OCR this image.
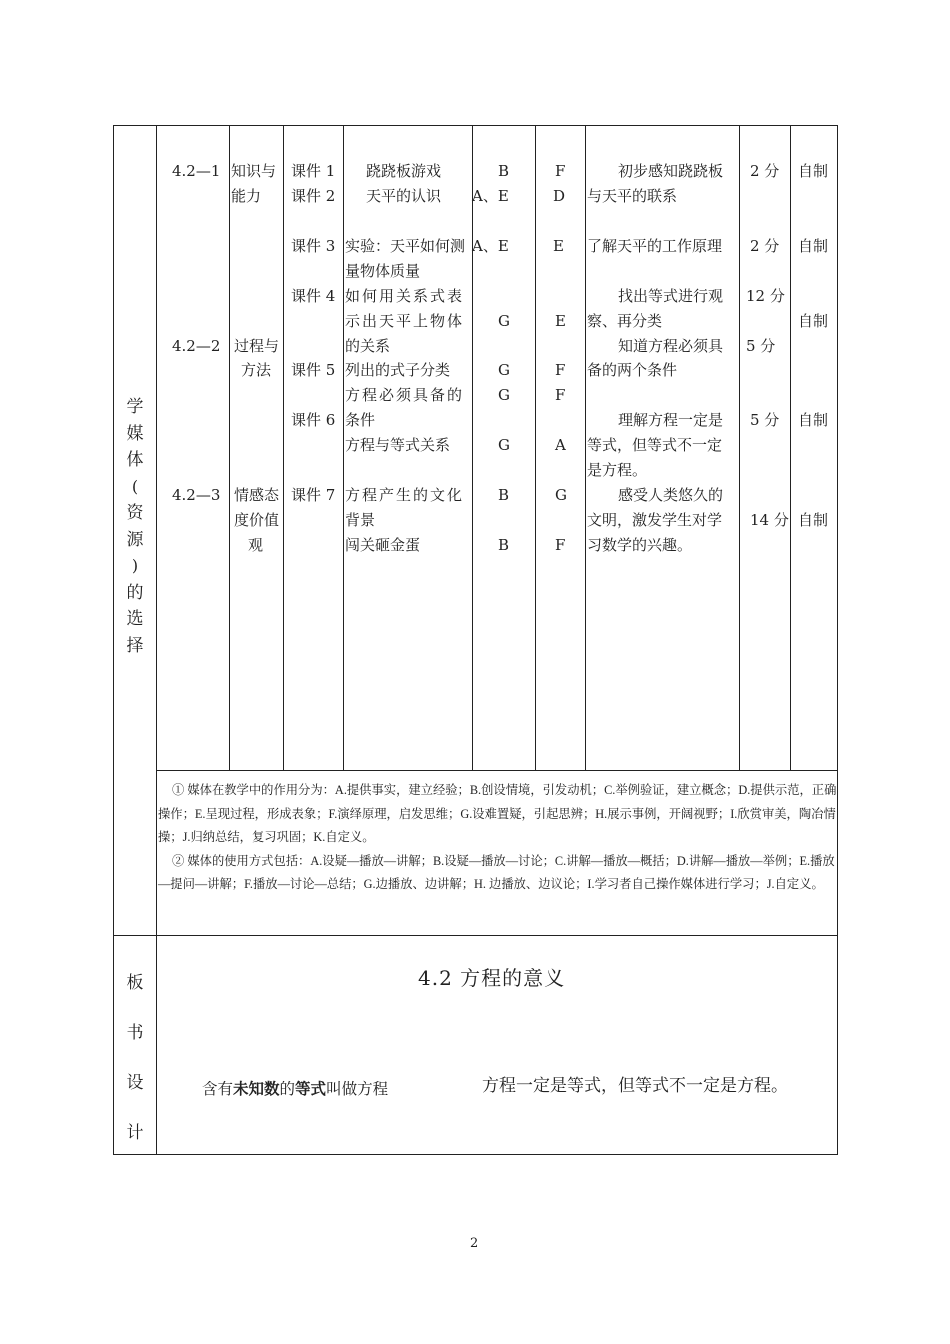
学
媒
体
(
资
源
)
的
选
择
4.2—1
4.2—2
4.2—3
知识与
能力
过程与
方法
情感态
度价值
观
课件 1
课件 2
课件 3
课件 4
课件 5
课件 6
课件 7
跷跷板游戏
天平的认识
实验：天平如何测
量物体质量
如何用关系式表
示出天平上物体
的关系
列出的式子分类
方程必须具备的
条件
方程与等式关系
方程产生的文化
背景
闯关砸金蛋
B
A、E
A、E
G
G
G
G
B
B
F
D
E
E
F
F
A
G
F
初步感知跷跷板
与天平的联系
了解天平的工作原理
找出等式进行观
察、再分类
知道方程必须具
备的两个条件
理解方程一定是
等式，但等式不一定
是方程。
感受人类悠久的
文明，激发学生对学
习数学的兴趣。
2 分
2 分
12 分
5 分
5 分
14 分
自制
自制
自制
自制
自制

① 媒体在教学中的作用分为：A.提供事实，建立经验；B.创设情境，引发动机；C.举例验证，建立概念；D.提供示范，正确操作；E.呈现过程，形成表象；F.演绎原理，启发思维；G.设难置疑，引起思辨；H.展示事例，开阔视野；I.欣赏审美，陶冶情操；J.归纳总结，复习巩固；K.自定义。

② 媒体的使用方式包括：A.设疑—播放—讲解；B.设疑—播放—讨论；C.讲解—播放—概括；D.讲解—播放—举例；E.播放—提问—讲解；F.播放—讨论—总结；G.边播放、边讲解；H. 边播放、边议论；I.学习者自己操作媒体进行学习；J.自定义。

板
书
设
计
4.2 方程的意义
含有未知数的等式叫做方程	方程一定是等式，但等式不一定是方程。
2
